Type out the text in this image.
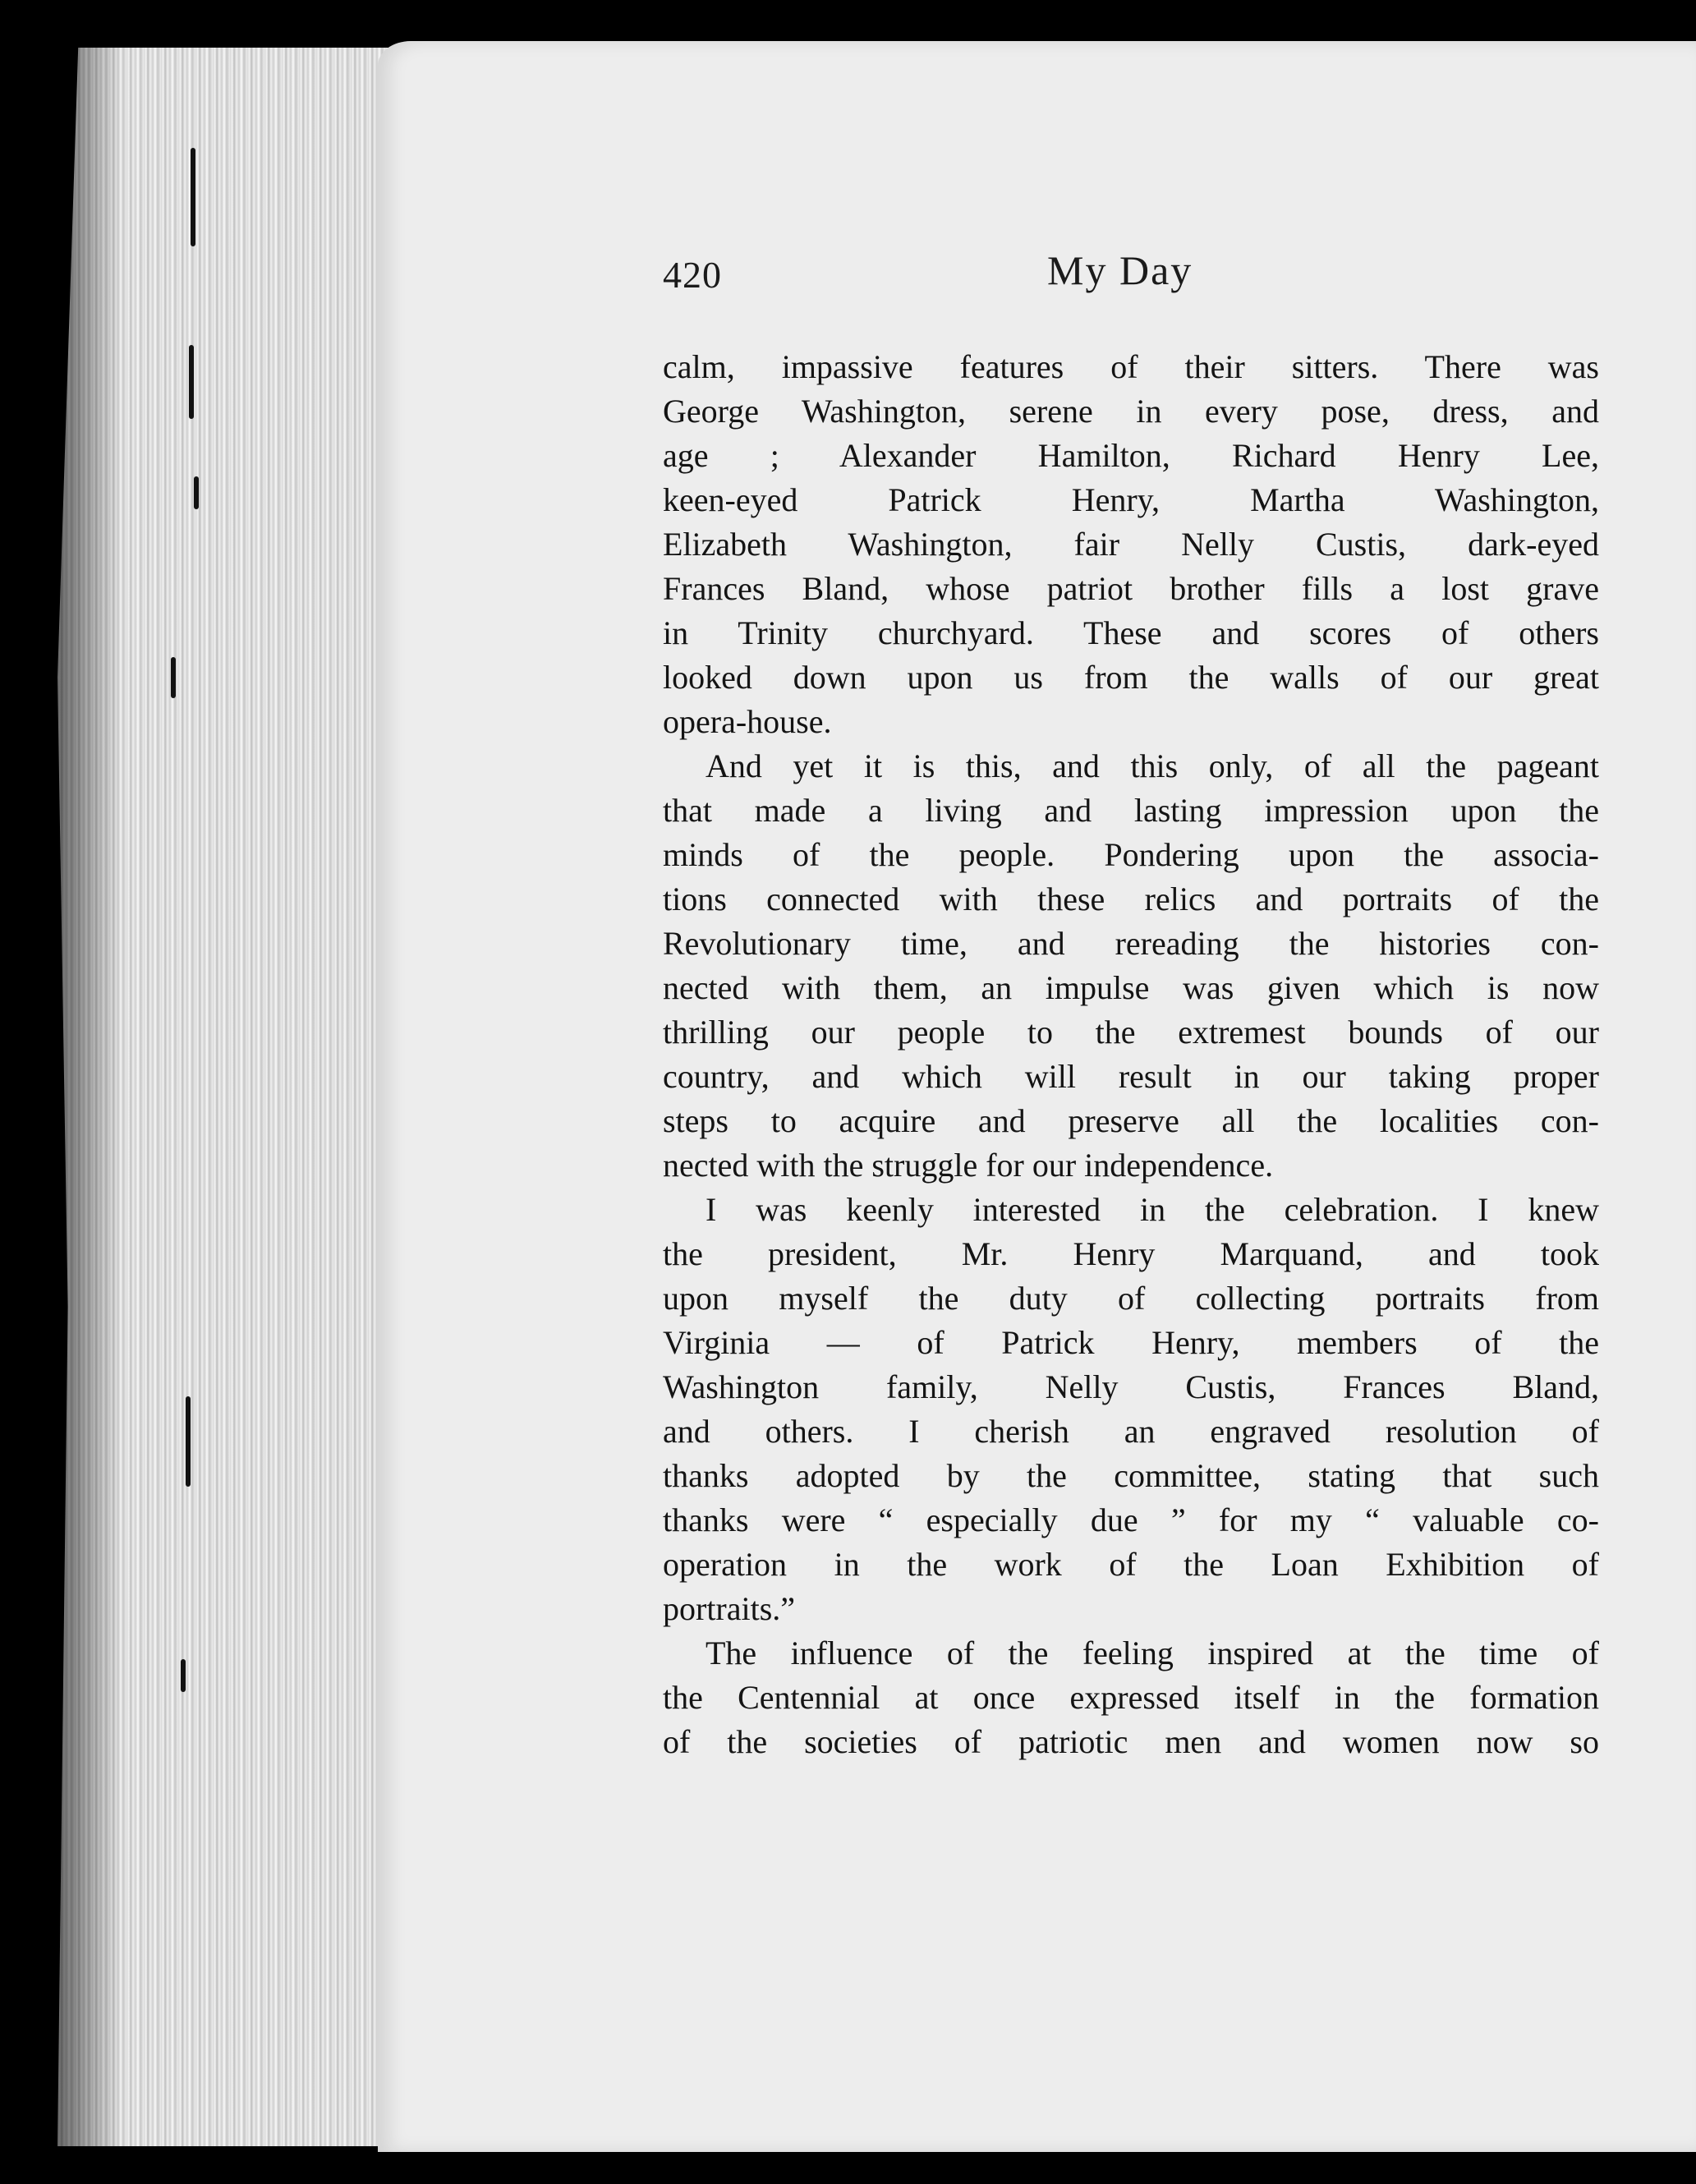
420	My Day
calm, impassive features of their sitters. There was
George Washington, serene in every pose, dress, and
age ; Alexander Hamilton, Richard Henry Lee,
keen-eyed Patrick Henry, Martha Washington,
Elizabeth Washington, fair Nelly Custis, dark-eyed
Frances Bland, whose patriot brother fills a lost grave
in Trinity churchyard. These and scores of others
looked down upon us from the walls of our great
opera-house.
And yet it is this, and this only, of all the pageant
that made a living and lasting impression upon the
minds of the people. Pondering upon the associa-
tions connected with these relics and portraits of the
Revolutionary time, and rereading the histories con-
nected with them, an impulse was given which is now
thrilling our people to the extremest bounds of our
country, and which will result in our taking proper
steps to acquire and preserve all the localities con-
nected with the struggle for our independence.
I was keenly interested in the celebration. I knew
the president, Mr. Henry Marquand, and took
upon myself the duty of collecting portraits from
Virginia — of Patrick Henry, members of the
Washington family, Nelly Custis, Frances Bland,
and others. I cherish an engraved resolution of
thanks adopted by the committee, stating that such
thanks were “ especially due ” for my “ valuable co-
operation in the work of the Loan Exhibition of
portraits.”
The influence of the feeling inspired at the time of
the Centennial at once expressed itself in the formation
of the societies of patriotic men and women now so
